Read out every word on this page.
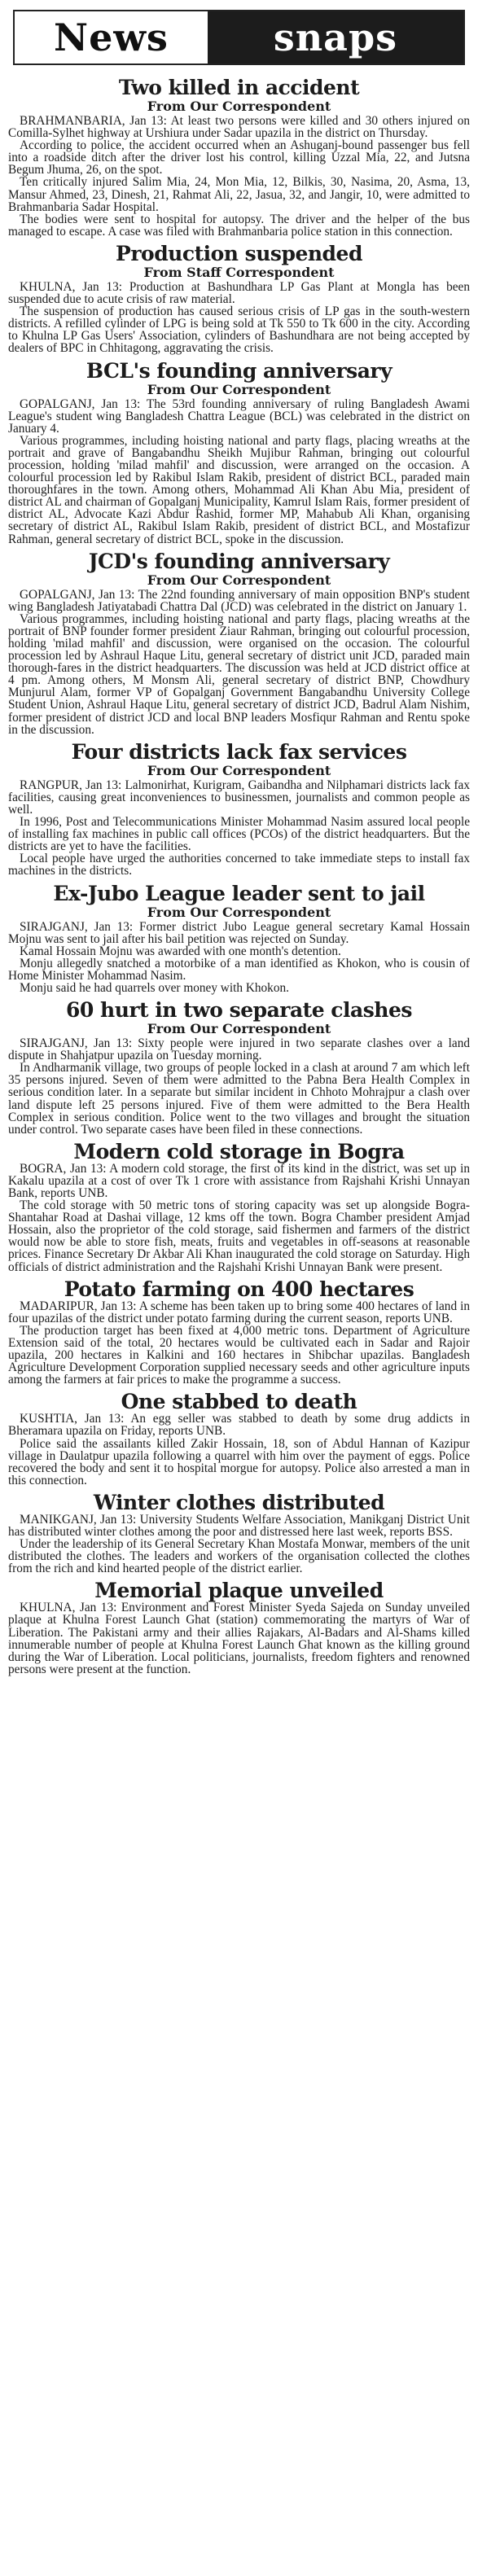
News	snaps
Two killed in accident
From Our Correspondent

BRAHMANBARIA, Jan 13: At least two persons were killed and 30 others injured on Comilla-Sylhet highway at Urshiura under Sadar upazila in the district on Thursday.

According to police, the accident occurred when an Ashuganj-bound passenger bus fell into a roadside ditch after the driver lost his control, killing Uzzal Mia, 22, and Jutsna Begum Jhuma, 26, on the spot.

Ten critically injured Salim Mia, 24, Mon Mia, 12, Bilkis, 30, Nasima, 20, Asma, 13, Mansur Ahmed, 23, Dinesh, 21, Rahmat Ali, 22, Jasua, 32, and Jangir, 10, were admitted to Brahmanbaria Sadar Hospital.

The bodies were sent to hospital for autopsy. The driver and the helper of the bus managed to escape. A case was filed with Brahmanbaria police station in this connection.

Production suspended
From Staff Correspondent

KHULNA, Jan 13: Production at Bashundhara LP Gas Plant at Mongla has been suspended due to acute crisis of raw material.

The suspension of production has caused serious crisis of LP gas in the south-western districts. A refilled cylinder of LPG is being sold at Tk 550 to Tk 600 in the city. According to Khulna LP Gas Users' Association, cylinders of Bashundhara are not being accepted by dealers of BPC in Chhitagong, aggravating the crisis.

BCL's founding anniversary
From Our Correspondent

GOPALGANJ, Jan 13: The 53rd founding anniversary of ruling Bangladesh Awami League's student wing Bangladesh Chattra League (BCL) was celebrated in the district on January 4.

Various programmes, including hoisting national and party flags, placing wreaths at the portrait and grave of Bangabandhu Sheikh Mujibur Rahman, bringing out colourful procession, holding 'milad mahfil' and discussion, were arranged on the occasion. A colourful procession led by Rakibul Islam Rakib, president of district BCL, paraded main thoroughfares in the town. Among others, Mohammad Ali Khan Abu Mia, president of district AL and chairman of Gopalganj Municipality, Kamrul Islam Rais, former president of district AL, Advocate Kazi Abdur Rashid, former MP, Mahabub Ali Khan, organising secretary of district AL, Rakibul Islam Rakib, president of district BCL, and Mostafizur Rahman, general secretary of district BCL, spoke in the discussion.

JCD's founding anniversary
From Our Correspondent

GOPALGANJ, Jan 13: The 22nd founding anniversary of main opposition BNP's student wing Bangladesh Jatiyatabadi Chattra Dal (JCD) was celebrated in the district on January 1.

Various programmes, including hoisting national and party flags, placing wreaths at the portrait of BNP founder former president Ziaur Rahman, bringing out colourful procession, holding 'milad mahfil' and discussion, were organised on the occasion. The colourful procession led by Ashraul Haque Litu, general secretary of district unit JCD, paraded main thorough-fares in the district headquarters. The discussion was held at JCD district office at 4 pm. Among others, M Monsm Ali, general secretary of district BNP, Chowdhury Munjurul Alam, former VP of Gopalganj Government Bangabandhu University College Student Union, Ashraul Haque Litu, general secretary of district JCD, Badrul Alam Nishim, former president of district JCD and local BNP leaders Mosfiqur Rahman and Rentu spoke in the discussion.

Four districts lack fax services
From Our Correspondent

RANGPUR, Jan 13: Lalmonirhat, Kurigram, Gaibandha and Nilphamari districts lack fax facilities, causing great inconveniences to businessmen, journalists and common people as well.

In 1996, Post and Telecommunications Minister Mohammad Nasim assured local people of installing fax machines in public call offices (PCOs) of the district headquarters. But the districts are yet to have the facilities.

Local people have urged the authorities concerned to take immediate steps to install fax machines in the districts.

Ex-Jubo League leader sent to jail
From Our Correspondent

SIRAJGANJ, Jan 13: Former district Jubo League general secretary Kamal Hossain Mojnu was sent to jail after his bail petition was rejected on Sunday.

Kamal Hossain Mojnu was awarded with one month's detention.

Monju allegedly snatched a motorbike of a man identified as Khokon, who is cousin of Home Minister Mohammad Nasim.

Monju said he had quarrels over money with Khokon.

60 hurt in two separate clashes
From Our Correspondent

SIRAJGANJ, Jan 13: Sixty people were injured in two separate clashes over a land dispute in Shahjatpur upazila on Tuesday morning.

In Andharmanik village, two groups of people locked in a clash at around 7 am which left 35 persons injured. Seven of them were admitted to the Pabna Bera Health Complex in serious condition later. In a separate but similar incident in Chhoto Mohrajpur a clash over land dispute left 25 persons injured. Five of them were admitted to the Bera Health Complex in serious condition. Police went to the two villages and brought the situation under control. Two separate cases have been filed in these connections.

Modern cold storage in Bogra

BOGRA, Jan 13: A modern cold storage, the first of its kind in the district, was set up in Kakalu upazila at a cost of over Tk 1 crore with assistance from Rajshahi Krishi Unnayan Bank, reports UNB.

The cold storage with 50 metric tons of storing capacity was set up alongside Bogra-Shantahar Road at Dashai village, 12 kms off the town. Bogra Chamber president Amjad Hossain, also the proprietor of the cold storage, said fishermen and farmers of the district would now be able to store fish, meats, fruits and vegetables in off-seasons at reasonable prices. Finance Secretary Dr Akbar Ali Khan inaugurated the cold storage on Saturday. High officials of district administration and the Rajshahi Krishi Unnayan Bank were present.

Potato farming on 400 hectares

MADARIPUR, Jan 13: A scheme has been taken up to bring some 400 hectares of land in four upazilas of the district under potato farming during the current season, reports UNB.

The production target has been fixed at 4,000 metric tons. Department of Agriculture Extension said of the total, 20 hectares would be cultivated each in Sadar and Rajoir upazila, 200 hectares in Kalkini and 160 hectares in Shibchar upazilas. Bangladesh Agriculture Development Corporation supplied necessary seeds and other agriculture inputs among the farmers at fair prices to make the programme a success.

One stabbed to death

KUSHTIA, Jan 13: An egg seller was stabbed to death by some drug addicts in Bheramara upazila on Friday, reports UNB.

Police said the assailants killed Zakir Hossain, 18, son of Abdul Hannan of Kazipur village in Daulatpur upazila following a quarrel with him over the payment of eggs. Police recovered the body and sent it to hospital morgue for autopsy. Police also arrested a man in this connection.

Winter clothes distributed

MANIKGANJ, Jan 13: University Students Welfare Association, Manikganj District Unit has distributed winter clothes among the poor and distressed here last week, reports BSS.

Under the leadership of its General Secretary Khan Mostafa Monwar, members of the unit distributed the clothes. The leaders and workers of the organisation collected the clothes from the rich and kind hearted people of the district earlier.

Memorial plaque unveiled

KHULNA, Jan 13: Environment and Forest Minister Syeda Sajeda on Sunday unveiled plaque at Khulna Forest Launch Ghat (station) commemorating the martyrs of War of Liberation. The Pakistani army and their allies Rajakars, Al-Badars and Al-Shams killed innumerable number of people at Khulna Forest Launch Ghat known as the killing ground during the War of Liberation. Local politicians, journalists, freedom fighters and renowned persons were present at the function.
